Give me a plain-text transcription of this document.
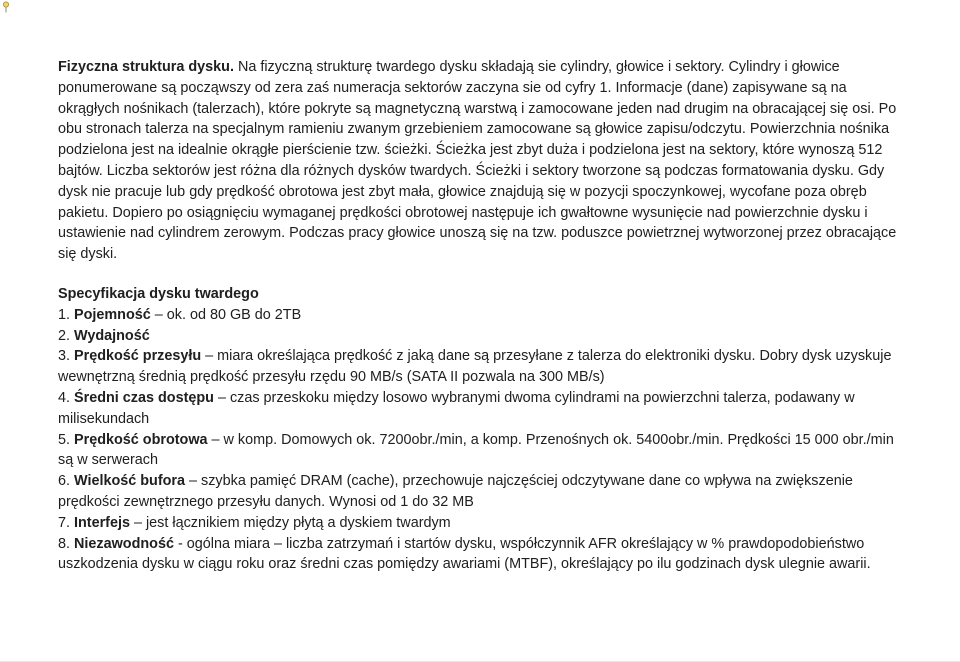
Fizyczna struktura dysku. Na fizyczną strukturę twardego dysku składają sie cylindry, głowice i sektory. Cylindry i głowice ponumerowane są począwszy od zera zaś numeracja sektorów zaczyna sie od cyfry 1. Informacje (dane) zapisywane są na okrągłych nośnikach (talerzach), które pokryte są magnetyczną warstwą i zamocowane jeden nad drugim na obracającej się osi. Po obu stronach talerza na specjalnym ramieniu zwanym grzebieniem zamocowane są głowice zapisu/odczytu. Powierzchnia nośnika podzielona jest na idealnie okrągłe pierścienie tzw. ścieżki. Ścieżka jest zbyt duża i podzielona jest na sektory, które wynoszą 512 bajtów. Liczba sektorów jest różna dla różnych dysków twardych. Ścieżki i sektory tworzone są podczas formatowania dysku. Gdy dysk nie pracuje lub gdy prędkość obrotowa jest zbyt mała, głowice znajdują się w pozycji spoczynkowej, wycofane poza obręb pakietu. Dopiero po osiągnięciu wymaganej prędkości obrotowej następuje ich gwałtowne wysunięcie nad powierzchnie dysku i ustawienie nad cylindrem zerowym. Podczas pracy głowice unoszą się na tzw. poduszce powietrznej wytworzonej przez obracające się dyski.

Specyfikacja dysku twardego

1. Pojemność – ok. od 80 GB do 2TB

2. Wydajność

3. Prędkość przesyłu – miara określająca prędkość z jaką dane są przesyłane z talerza do elektroniki dysku. Dobry dysk uzyskuje wewnętrzną średnią prędkość przesyłu rzędu 90 MB/s (SATA II pozwala na 300 MB/s)

4. Średni czas dostępu – czas przeskoku między losowo wybranymi dwoma cylindrami na powierzchni talerza, podawany w milisekundach

5. Prędkość obrotowa – w komp. Domowych ok. 7200obr./min, a komp. Przenośnych ok. 5400obr./min. Prędkości 15 000 obr./min są w serwerach

6. Wielkość bufora – szybka pamięć DRAM (cache), przechowuje najczęściej odczytywane dane co wpływa na zwiększenie prędkości zewnętrznego przesyłu danych. Wynosi od 1 do 32 MB

7. Interfejs – jest łącznikiem między płytą a dyskiem twardym

8. Niezawodność - ogólna miara – liczba zatrzymań i startów dysku, współczynnik AFR określający w % prawdopodobieństwo uszkodzenia dysku w ciągu roku oraz średni czas pomiędzy awariami (MTBF), określający po ilu godzinach dysk ulegnie awarii.
